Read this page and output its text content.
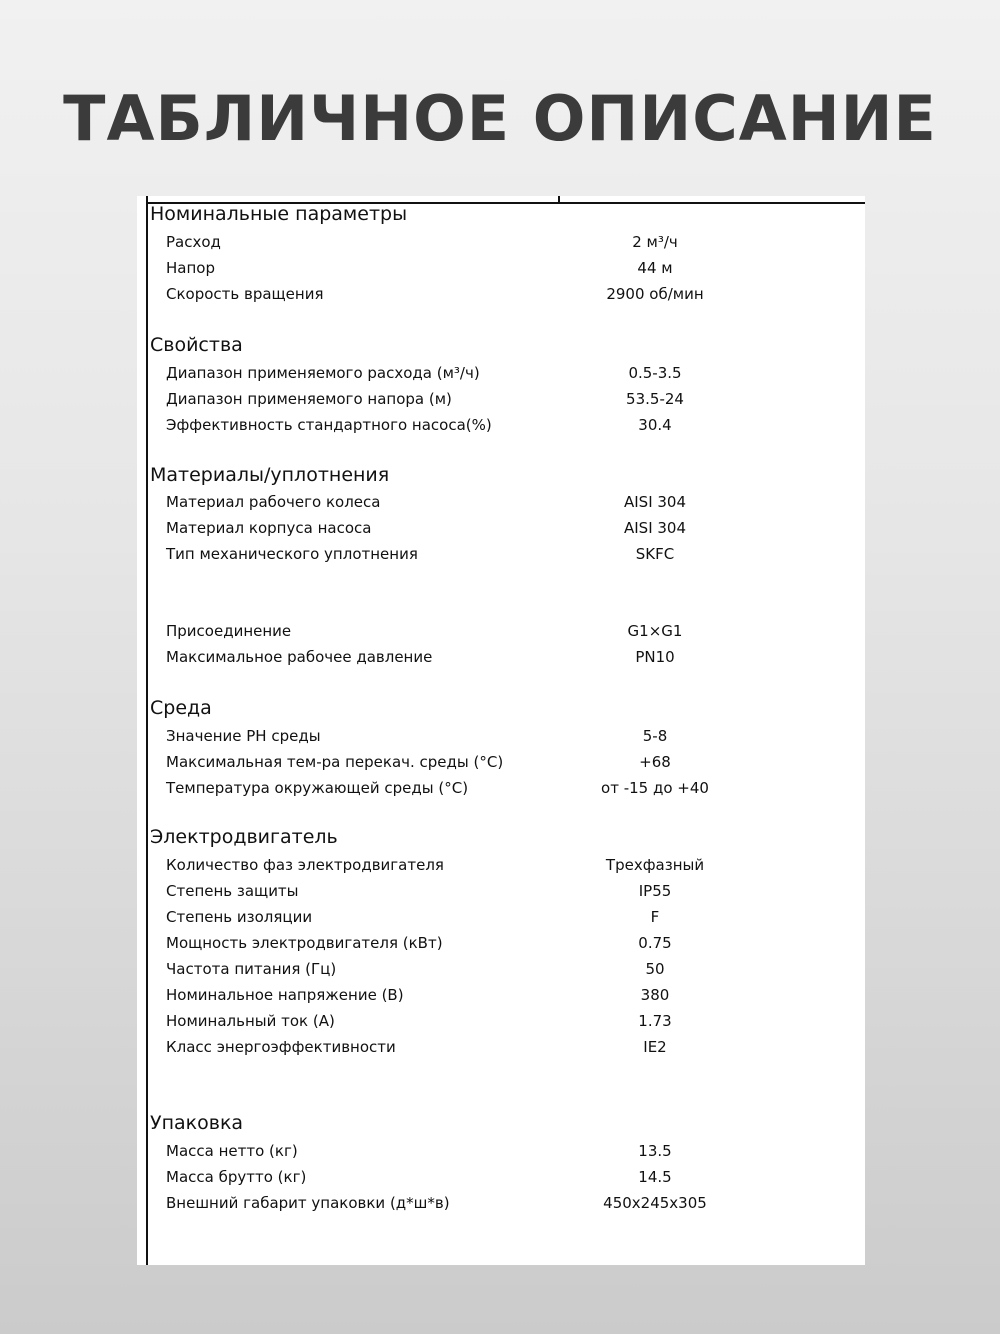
ТАБЛИЧНОЕ ОПИСАНИЕ
Номинальные параметры
Расход	2 м³/ч
Напор	44 м
Скорость вращения	2900 об/мин
Свойства
Диапазон применяемого расхода (м³/ч)	0.5-3.5
Диапазон применяемого напора (м)	53.5-24
Эффективность стандартного насоса(%)	30.4
Материалы/уплотнения
Материал рабочего колеса	AISI 304
Материал корпуса насоса	AISI 304
Тип механического уплотнения	SKFC
Присоединение	G1×G1
Максимальное рабочее давление	PN10
Среда
Значение PH среды	5-8
Максимальная тем-ра перекач. среды (°C)	+68
Температура окружающей среды (°C)	от -15 до +40
Электродвигатель
Количество фаз электродвигателя	Трехфазный
Степень защиты	IP55
Степень изоляции	F
Мощность электродвигателя (кВт)	0.75
Частота питания (Гц)	50
Номинальное напряжение (В)	380
Номинальный ток (А)	1.73
Класс энергоэффективности	IE2
Упаковка
Масса нетто (кг)	13.5
Масса брутто (кг)	14.5
Внешний габарит упаковки (д*ш*в)	450x245x305
